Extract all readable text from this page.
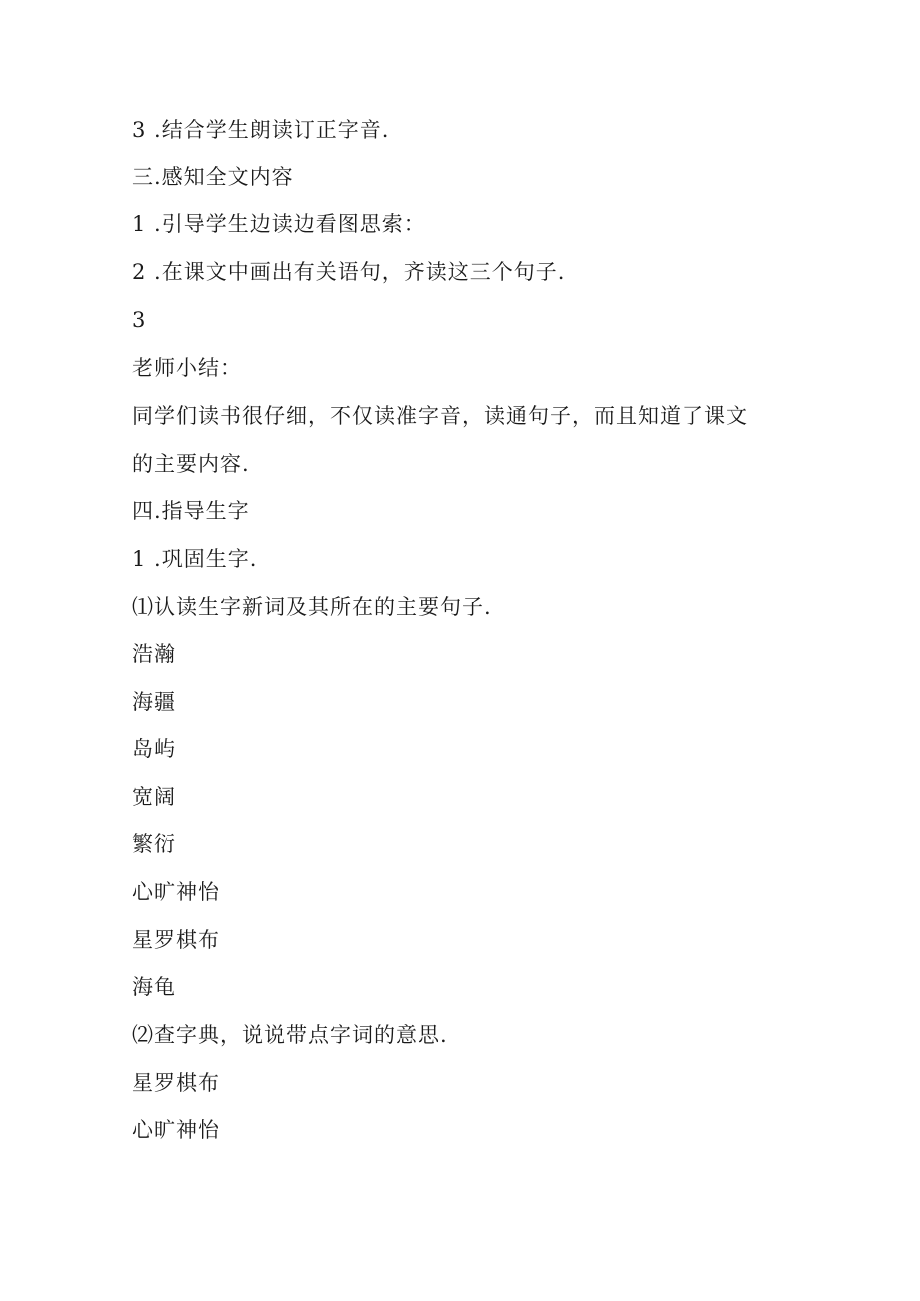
3 .结合学生朗读订正字音.

三.感知全文内容

1 .引导学生边读边看图思索：

2 .在课文中画出有关语句，齐读这三个句子.

3

老师小结：

同学们读书很仔细，不仅读准字音，读通句子，而且知道了课文

的主要内容.

四.指导生字

1 .巩固生字.

⑴认读生字新词及其所在的主要句子.

浩瀚

海疆

岛屿

宽阔

繁衍

心旷神怡

星罗棋布

海龟

⑵查字典，说说带点字词的意思.

星罗棋布

心旷神怡
